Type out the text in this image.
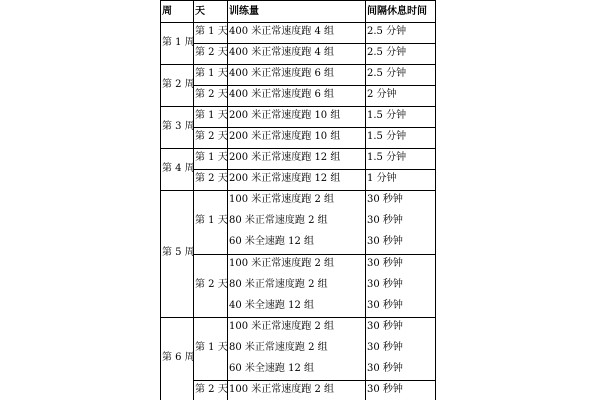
周 天 训练量	间隔休息时间
第 1 周
第 1 天 400 米正常速度跑 4 组	2.5 分钟
第 2 天 400 米正常速度跑 4 组	2.5 分钟
第 2 周
第 1 天 400 米正常速度跑 6 组	2.5 分钟
第 2 天 400 米正常速度跑 6 组	2 分钟
第 3 周
第 1 天 200 米正常速度跑 10 组	1.5 分钟
第 2 天 200 米正常速度跑 10 组	1.5 分钟
第 4 周
第 1 天 200 米正常速度跑 12 组	1.5 分钟
第 2 天 200 米正常速度跑 12 组	1 分钟
第 5 周
第 1 天
100 米正常速度跑 2 组	30 秒钟
80 米正常速度跑 2 组	30 秒钟
60 米全速跑 12 组	30 秒钟
第 2 天
100 米正常速度跑 2 组	30 秒钟
80 米正常速度跑 2 组	30 秒钟
40 米全速跑 12 组	30 秒钟
第 6 周
第 1 天
100 米正常速度跑 2 组	30 秒钟
80 米正常速度跑 2 组	30 秒钟
60 米全速跑 12 组	30 秒钟
第 2 天 100 米正常速度跑 2 组	30 秒钟
